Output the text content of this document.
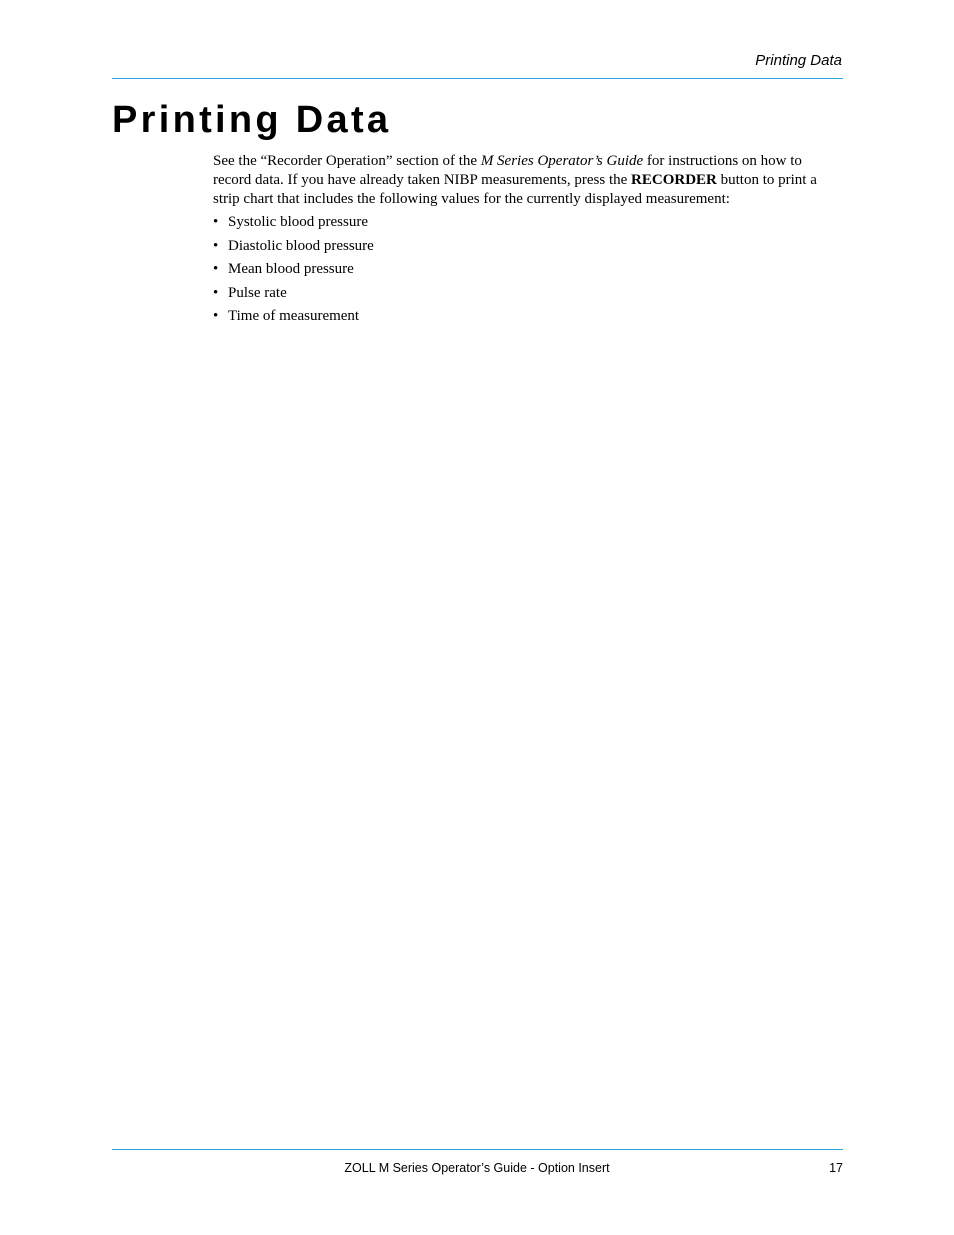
Printing Data
Printing Data

See the “Recorder Operation” section of the M Series Operator’s Guide for instructions on how to record data. If you have already taken NIBP measurements, press the RECORDER button to print a strip chart that includes the following values for the currently displayed measurement:

• Systolic blood pressure
• Diastolic blood pressure
• Mean blood pressure
• Pulse rate
• Time of measurement
ZOLL M Series Operator’s Guide - Option Insert	17
